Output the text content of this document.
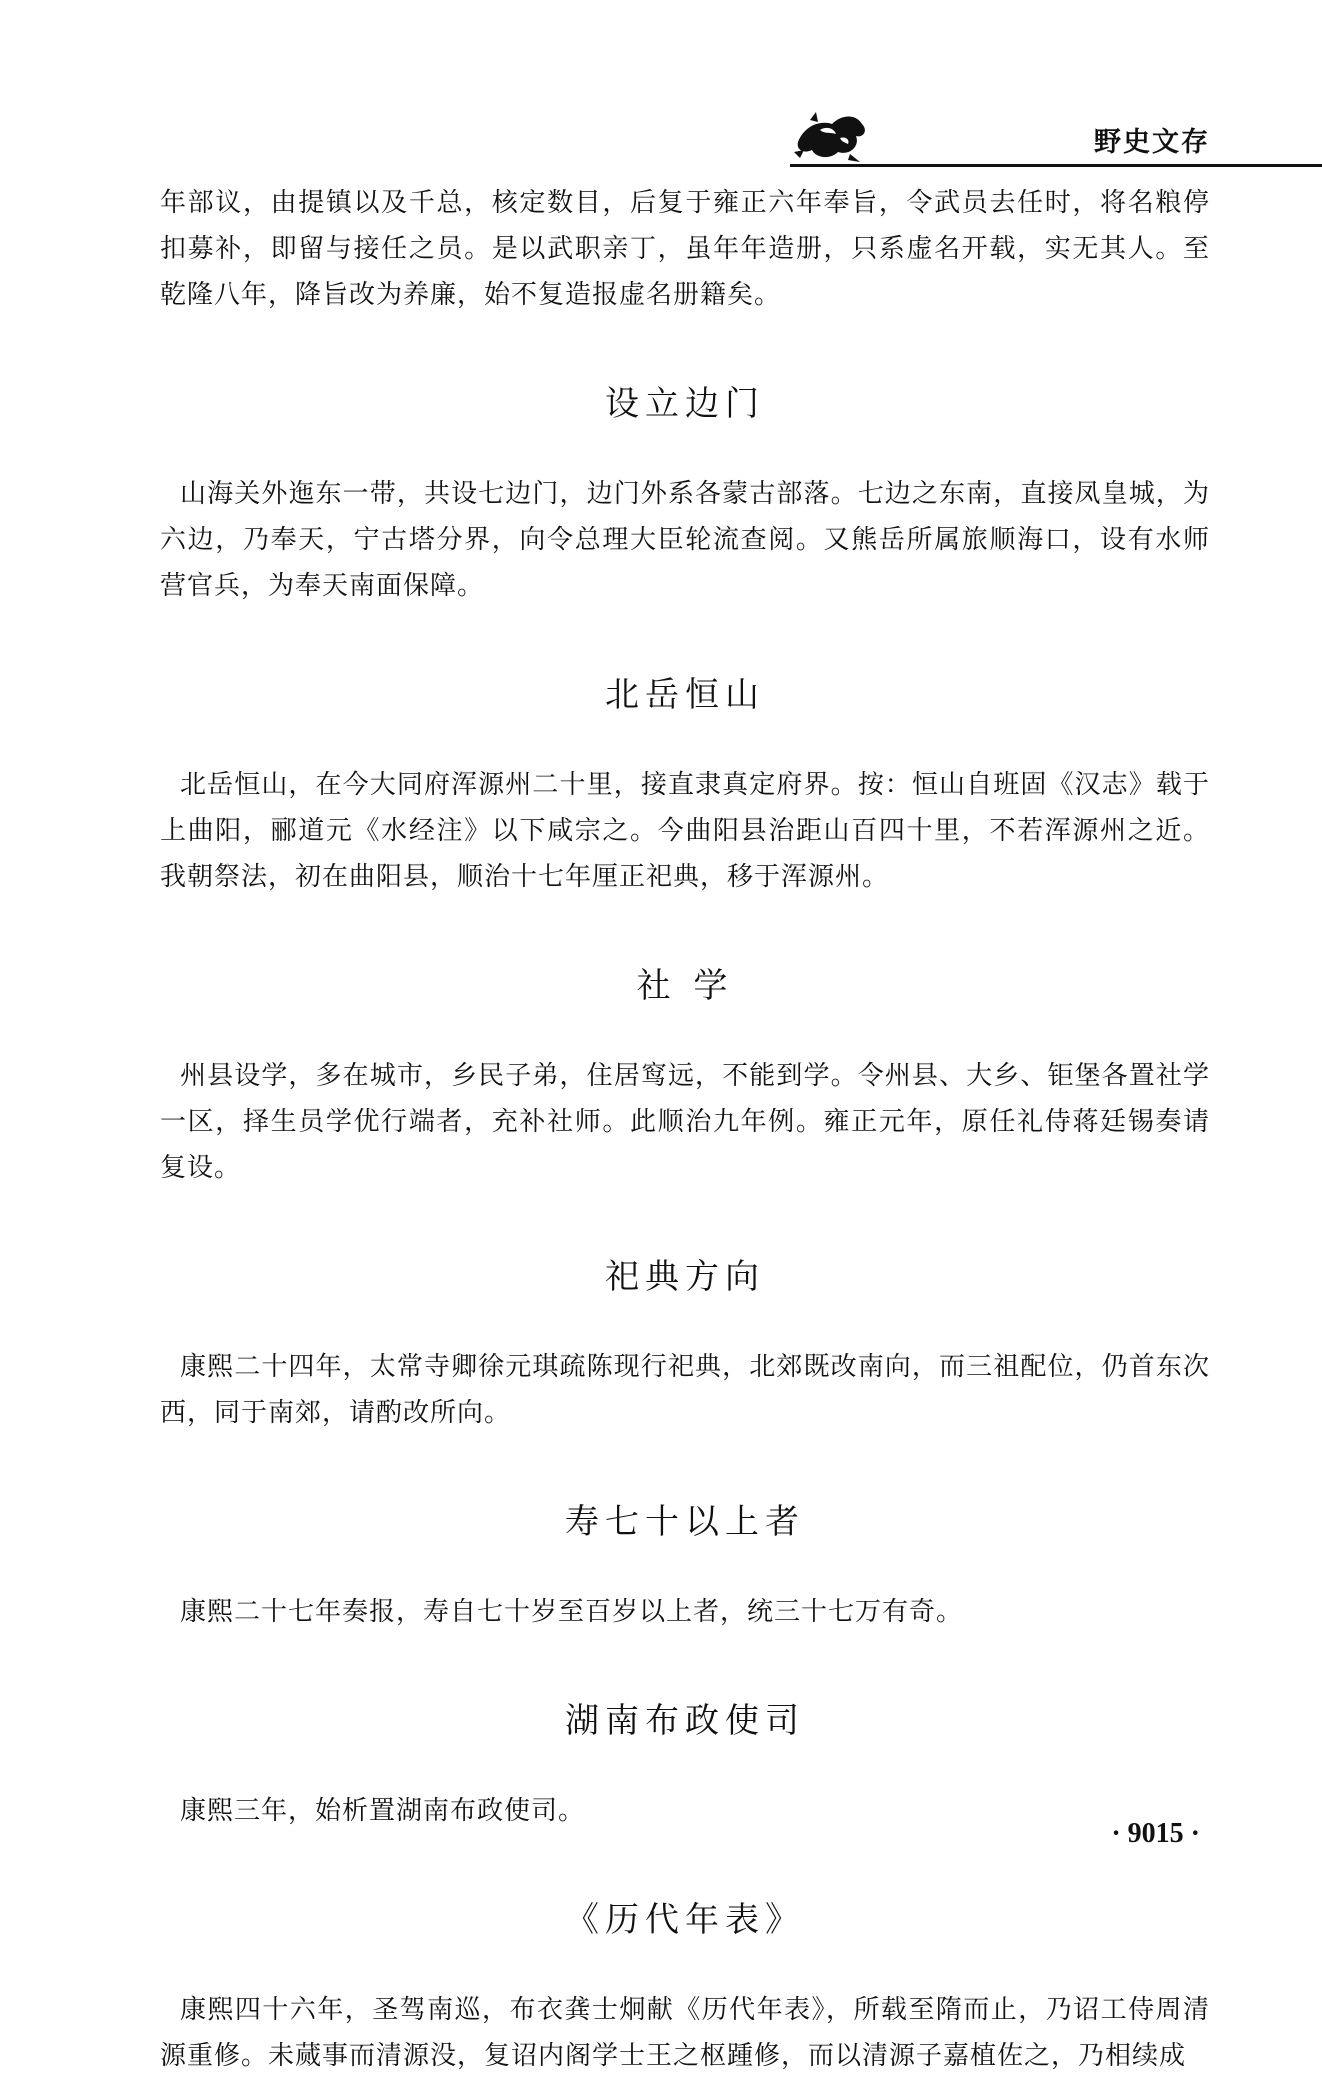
野史文存

年部议，由提镇以及千总，核定数目，后复于雍正六年奉旨，令武员去任时，将名粮停扣募补，即留与接任之员。是以武职亲丁，虽年年造册，只系虚名开载，实无其人。至乾隆八年，降旨改为养廉，始不复造报虚名册籍矣。

设立边门

山海关外迤东一带，共设七边门，边门外系各蒙古部落。七边之东南，直接凤皇城，为六边，乃奉天，宁古塔分界，向令总理大臣轮流查阅。又熊岳所属旅顺海口，设有水师营官兵，为奉天南面保障。

北岳恒山

北岳恒山，在今大同府浑源州二十里，接直隶真定府界。按：恒山自班固《汉志》载于上曲阳，郦道元《水经注》以下咸宗之。今曲阳县治距山百四十里，不若浑源州之近。我朝祭法，初在曲阳县，顺治十七年厘正祀典，移于浑源州。

社 学

州县设学，多在城市，乡民子弟，住居窎远，不能到学。令州县、大乡、钜堡各置社学一区，择生员学优行端者，充补社师。此顺治九年例。雍正元年，原任礼侍蒋廷锡奏请复设。

祀典方向

康熙二十四年，太常寺卿徐元琪疏陈现行祀典，北郊既改南向，而三祖配位，仍首东次西，同于南郊，请酌改所向。

寿七十以上者

康熙二十七年奏报，寿自七十岁至百岁以上者，统三十七万有奇。

湖南布政使司

康熙三年，始析置湖南布政使司。

《历代年表》

康熙四十六年，圣驾南巡，布衣龚士炯献《历代年表》，所载至隋而止，乃诏工侍周清源重修。未蒇事而清源没，复诏内阁学士王之枢踵修，而以清源子嘉植佐之，乃相续成

· 9015 ·
